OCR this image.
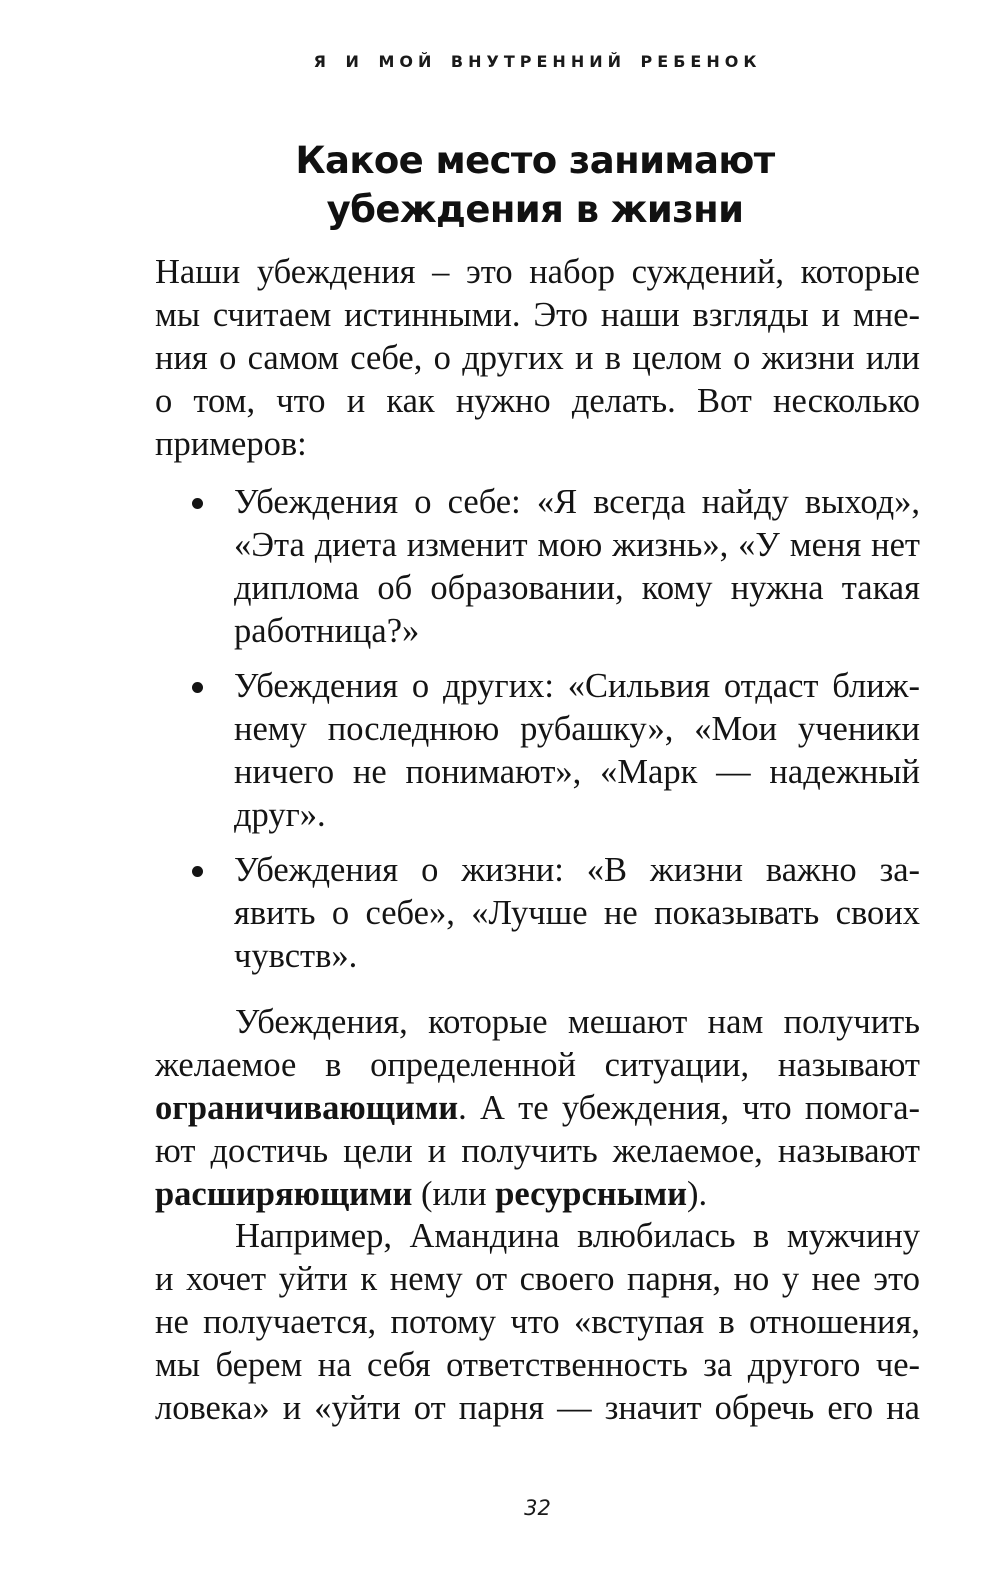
Я И МОЙ ВНУТРЕННИЙ РЕБЕНОК
Какое место занимают
убеждения в жизни

Наши убеждения – это набор суждений, которые
мы считаем истинными. Это наши взгляды и мне-
ния о самом себе, о других и в целом о жизни или
о том, что и как нужно делать. Вот несколько
примеров:

Убеждения о себе: «Я всегда найду выход»,
«Эта диета изменит мою жизнь», «У меня нет
диплома об образовании, кому нужна такая
работница?»
Убеждения о других: «Сильвия отдаст ближ-
нему последнюю рубашку», «Мои ученики
ничего не понимают», «Марк — надежный
друг».
Убеждения о жизни: «В жизни важно за-
явить о себе», «Лучше не показывать своих
чувств».

Убеждения, которые мешают нам получить
желаемое в определенной ситуации, называют
ограничивающими. А те убеждения, что помога-
ют достичь цели и получить желаемое, называют
расширяющими (или ресурсными).

Например, Амандина влюбилась в мужчину
и хочет уйти к нему от своего парня, но у нее это
не получается, потому что «вступая в отношения,
мы берем на себя ответственность за другого че-
ловека» и «уйти от парня — значит обречь его на

32
